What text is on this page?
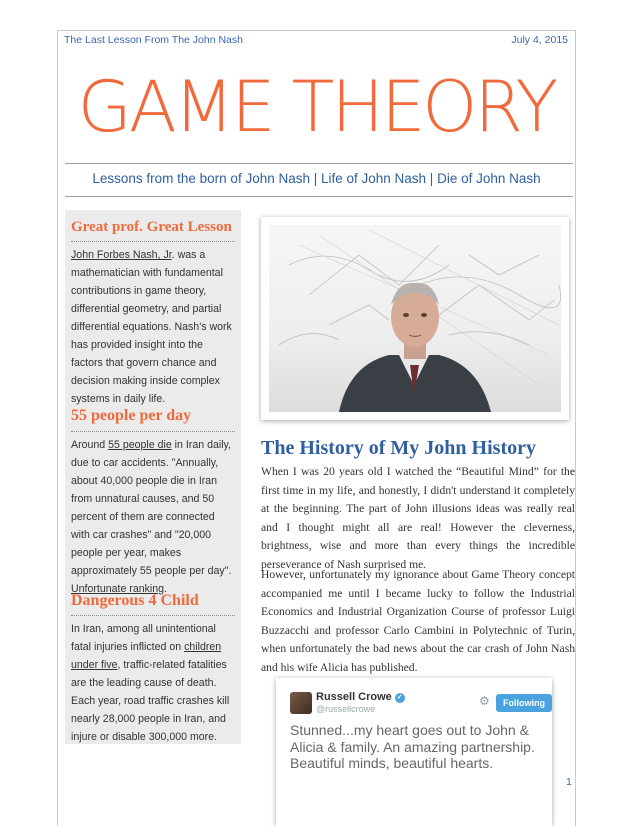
The Last Lesson From The John Nash	July 4, 2015
GAME THEORY
Lessons from the born of John Nash | Life of John Nash | Die of John Nash
Great prof. Great Lesson
John Forbes Nash, Jr. was a mathematician with fundamental contributions in game theory, differential geometry, and partial differential equations. Nash's work has provided insight into the factors that govern chance and decision making inside complex systems in daily life.
55 people per day
Around 55 people die in Iran daily, due to car accidents. "Annually, about 40,000 people die in Iran from unnatural causes, and 50 percent of them are connected with car crashes" and "20,000 people per year, makes approximately 55 people per day". Unfortunate ranking.
Dangerous 4 Child
In Iran, among all unintentional fatal injuries inflicted on children under five, traffic-related fatalities are the leading cause of death. Each year, road traffic crashes kill nearly 28,000 people in Iran, and injure or disable 300,000 more.
The History of My John History
When I was 20 years old I watched the “Beautiful Mind” for the first time in my life, and honestly, I didn't understand it completely at the beginning. The part of John illusions ideas was really real and I thought might all are real! However the cleverness, brightness, wise and more than every things the incredible perseverance of Nash surprised me.
However, unfortunately my ignorance about Game Theory concept accompanied me until I became lucky to follow the Industrial Economics and Industrial Organization Course of professor Luigi Buzzacchi and professor Carlo Cambini in Polytechnic of Turin, when unfortunately the bad news about the car crash of John Nash and his wife Alicia has published.
Russell Crowe ✓
@russellcrowe
⚙	Following
Stunned...my heart goes out to John & Alicia & family. An amazing partnership. Beautiful minds, beautiful hearts.
1
